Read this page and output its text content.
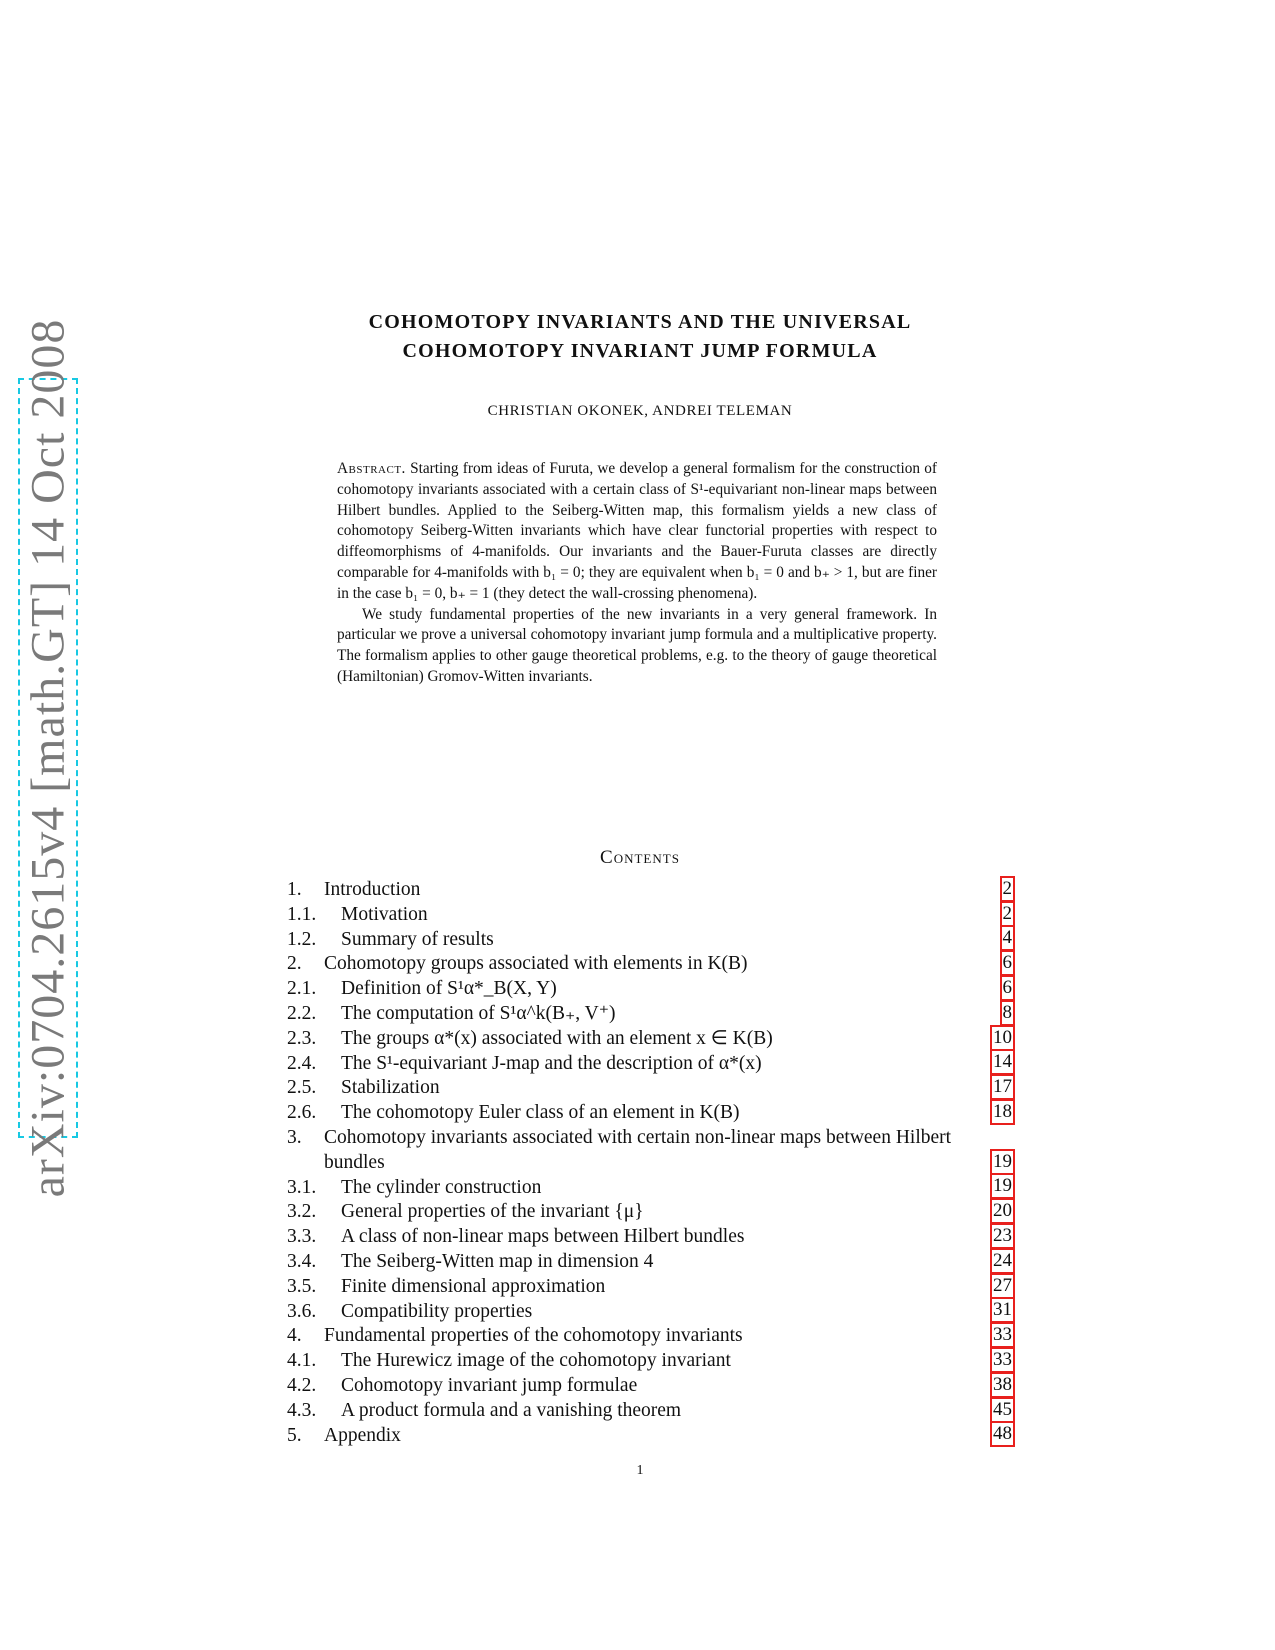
arXiv:0704.2615v4 [math.GT] 14 Oct 2008	COHOMOTOPY INVARIANTS AND THE UNIVERSAL
COHOMOTOPY INVARIANT JUMP FORMULA
CHRISTIAN OKONEK, ANDREI TELEMAN

Abstract. Starting from ideas of Furuta, we develop a general formalism for the construction of cohomotopy invariants associated with a certain class of S¹-equivariant non-linear maps between Hilbert bundles. Applied to the Seiberg-Witten map, this formalism yields a new class of cohomotopy Seiberg-Witten invariants which have clear functorial properties with respect to diffeomorphisms of 4-manifolds. Our invariants and the Bauer-Furuta classes are directly comparable for 4-manifolds with b₁ = 0; they are equivalent when b₁ = 0 and b₊ > 1, but are finer in the case b₁ = 0, b₊ = 1 (they detect the wall-crossing phenomena).

We study fundamental properties of the new invariants in a very general framework. In particular we prove a universal cohomotopy invariant jump formula and a multiplicative property. The formalism applies to other gauge theoretical problems, e.g. to the theory of gauge theoretical (Hamiltonian) Gromov-Witten invariants.

Contents
1. Introduction	2
1.1. Motivation	2
1.2. Summary of results	4
2. Cohomotopy groups associated with elements in K(B)	6
2.1. Definition of S¹α*_B(X, Y)	6
2.2. The computation of S¹α^k(B₊, V⁺)	8
2.3. The groups α*(x) associated with an element x ∈ K(B)	10
2.4. The S¹-equivariant J-map and the description of α*(x)	14
2.5. Stabilization	17
2.6. The cohomotopy Euler class of an element in K(B)	18
3. Cohomotopy invariants associated with certain non-linear maps between Hilbert bundles	19
3.1. The cylinder construction	19
3.2. General properties of the invariant {μ}	20
3.3. A class of non-linear maps between Hilbert bundles	23
3.4. The Seiberg-Witten map in dimension 4	24
3.5. Finite dimensional approximation	27
3.6. Compatibility properties	31
4. Fundamental properties of the cohomotopy invariants	33
4.1. The Hurewicz image of the cohomotopy invariant	33
4.2. Cohomotopy invariant jump formulae	38
4.3. A product formula and a vanishing theorem	45
5. Appendix	48
1
